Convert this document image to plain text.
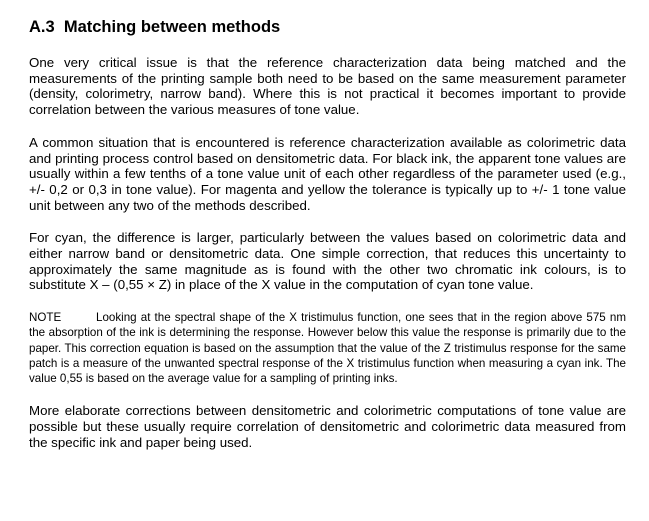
A.3  Matching between methods

One very critical issue is that the reference characterization data being matched and the measurements of the printing sample both need to be based on the same measurement parameter (density, colorimetry, narrow band). Where this is not practical it becomes important to provide correlation between the various measures of tone value.

A common situation that is encountered is reference characterization available as colorimetric data and printing process control based on densitometric data. For black ink, the apparent tone values are usually within a few tenths of a tone value unit of each other regardless of the parameter used (e.g., +/- 0,2 or 0,3 in tone value). For magenta and yellow the tolerance is typically up to +/- 1 tone value unit between any two of the methods described.

For cyan, the difference is larger, particularly between the values based on colorimetric data and either narrow band or densitometric data. One simple correction, that reduces this uncertainty to approximately the same magnitude as is found with the other two chromatic ink colours, is to substitute X – (0,55 × Z) in place of the X value in the computation of cyan tone value.

NOTE	Looking at the spectral shape of the X tristimulus function, one sees that in the region above 575 nm the absorption of the ink is determining the response. However below this value the response is primarily due to the paper. This correction equation is based on the assumption that the value of the Z tristimulus response for the same patch is a measure of the unwanted spectral response of the X tristimulus function when measuring a cyan ink. The value 0,55 is based on the average value for a sampling of printing inks.

More elaborate corrections between densitometric and colorimetric computations of tone value are possible but these usually require correlation of densitometric and colorimetric data measured from the specific ink and paper being used.
